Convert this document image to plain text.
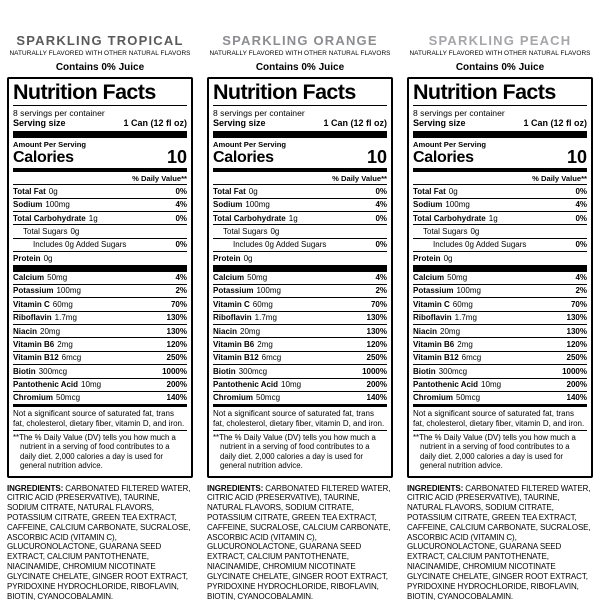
SPARKLING TROPICAL
NATURALLY FLAVORED WITH OTHER NATURAL FLAVORS
Contains 0% Juice
Nutrition Facts
8 servings per container
Serving size	1 Can (12 fl oz)
Amount Per Serving
Calories	10
% Daily Value**
Total Fat 0g	0%
Sodium 100mg	4%
Total Carbohydrate 1g	0%
Total Sugars 0g
Includes 0g Added Sugars	0%
Protein 0g
Calcium 50mg	4%
Potassium 100mg	2%
Vitamin C 60mg	70%
Riboflavin 1.7mg	130%
Niacin 20mg	130%
Vitamin B6 2mg	120%
Vitamin B12 6mcg	250%
Biotin 300mcg	1000%
Pantothenic Acid 10mg	200%
Chromium 50mcg	140%
Not a significant source of saturated fat, trans fat, cholesterol, dietary fiber, vitamin D, and iron.
**The % Daily Value (DV) tells you how much a nutrient in a serving of food contributes to a daily diet. 2,000 calories a day is used for general nutrition advice.
INGREDIENTS: CARBONATED FILTERED WATER, CITRIC ACID (PRESERVATIVE), TAURINE, SODIUM CITRATE, NATURAL FLAVORS, POTASSIUM CITRATE, GREEN TEA EXTRACT, CAFFEINE, CALCIUM CARBONATE, SUCRALOSE, ASCORBIC ACID (VITAMIN C), GLUCURONOLACTONE, GUARANA SEED EXTRACT, CALCIUM PANTOTHENATE, NIACINAMIDE, CHROMIUM NICOTINATE GLYCINATE CHELATE, GINGER ROOT EXTRACT, PYRIDOXINE HYDROCHLORIDE, RIBOFLAVIN, BIOTIN, CYANOCOBALAMIN.
SPARKLING ORANGE
NATURALLY FLAVORED WITH OTHER NATURAL FLAVORS
Contains 0% Juice
Nutrition Facts
8 servings per container
Serving size	1 Can (12 fl oz)
Amount Per Serving
Calories	10
% Daily Value**
Total Fat 0g	0%
Sodium 100mg	4%
Total Carbohydrate 1g	0%
Total Sugars 0g
Includes 0g Added Sugars	0%
Protein 0g
Calcium 50mg	4%
Potassium 100mg	2%
Vitamin C 60mg	70%
Riboflavin 1.7mg	130%
Niacin 20mg	130%
Vitamin B6 2mg	120%
Vitamin B12 6mcg	250%
Biotin 300mcg	1000%
Pantothenic Acid 10mg	200%
Chromium 50mcg	140%
Not a significant source of saturated fat, trans fat, cholesterol, dietary fiber, vitamin D, and iron.
**The % Daily Value (DV) tells you how much a nutrient in a serving of food contributes to a daily diet. 2,000 calories a day is used for general nutrition advice.
INGREDIENTS: CARBONATED FILTERED WATER, CITRIC ACID (PRESERVATIVE), TAURINE, NATURAL FLAVORS, SODIUM CITRATE, POTASSIUM CITRATE, GREEN TEA EXTRACT, CAFFEINE, SUCRALOSE, CALCIUM CARBONATE, ASCORBIC ACID (VITAMIN C), GLUCURONOLACTONE, GUARANA SEED EXTRACT, CALCIUM PANTOTHENATE, NIACINAMIDE, CHROMIUM NICOTINATE GLYCINATE CHELATE, GINGER ROOT EXTRACT, PYRIDOXINE HYDROCHLORIDE, RIBOFLAVIN, BIOTIN, CYANOCOBALAMIN.
SPARKLING PEACH
NATURALLY FLAVORED WITH OTHER NATURAL FLAVORS
Contains 0% Juice
Nutrition Facts
8 servings per container
Serving size	1 Can (12 fl oz)
Amount Per Serving
Calories	10
% Daily Value**
Total Fat 0g	0%
Sodium 100mg	4%
Total Carbohydrate 1g	0%
Total Sugars 0g
Includes 0g Added Sugars	0%
Protein 0g
Calcium 50mg	4%
Potassium 100mg	2%
Vitamin C 60mg	70%
Riboflavin 1.7mg	130%
Niacin 20mg	130%
Vitamin B6 2mg	120%
Vitamin B12 6mcg	250%
Biotin 300mcg	1000%
Pantothenic Acid 10mg	200%
Chromium 50mcg	140%
Not a significant source of saturated fat, trans fat, cholesterol, dietary fiber, vitamin D, and iron.
**The % Daily Value (DV) tells you how much a nutrient in a serving of food contributes to a daily diet. 2,000 calories a day is used for general nutrition advice.
INGREDIENTS: CARBONATED FILTERED WATER, CITRIC ACID (PRESERVATIVE), TAURINE, NATURAL FLAVORS, SODIUM CITRATE, POTASSIUM CITRATE, GREEN TEA EXTRACT, CAFFEINE, CALCIUM CARBONATE, SUCRALOSE, ASCORBIC ACID (VITAMIN C), GLUCURONOLACTONE, GUARANA SEED EXTRACT, CALCIUM PANTOTHENATE, NIACINAMIDE, CHROMIUM NICOTINATE GLYCINATE CHELATE, GINGER ROOT EXTRACT, PYRIDOXINE HYDROCHLORIDE, RIBOFLAVIN, BIOTIN, CYANOCOBALAMIN.
